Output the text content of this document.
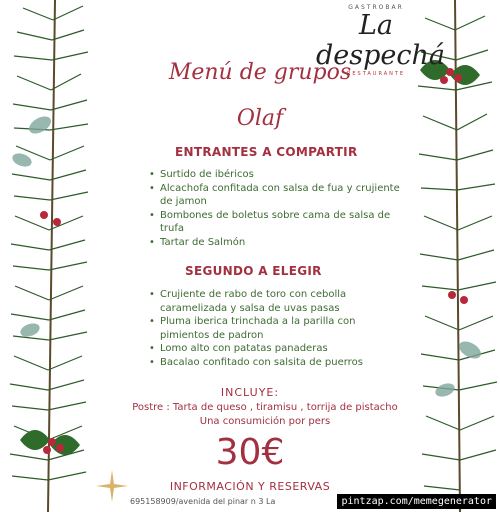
GASTROBAR
La despechá
RESTAURANTE
Menú de grupos
Olaf
ENTRANTES A COMPARTIR
• Surtido de ibéricos
• Alcachofa confitada con salsa de fua y crujiente de jamon
• Bombones de boletus sobre cama de salsa de trufa
• Tartar de Salmón
SEGUNDO A ELEGIR
• Crujiente de rabo de toro con cebolla caramelizada y salsa de uvas pasas
• Pluma iberica trinchada a la parilla con pimientos de padron
• Lomo alto con patatas panaderas
• Bacalao confitado con salsita de puerros
INCLUYE:
Postre : Tarta de queso , tiramisu , torrija de pistacho
Una consumición por pers
30€
INFORMACIÓN Y RESERVAS
695158909/avenida del pinar n 3 La	pintzap.com/memegenerator
